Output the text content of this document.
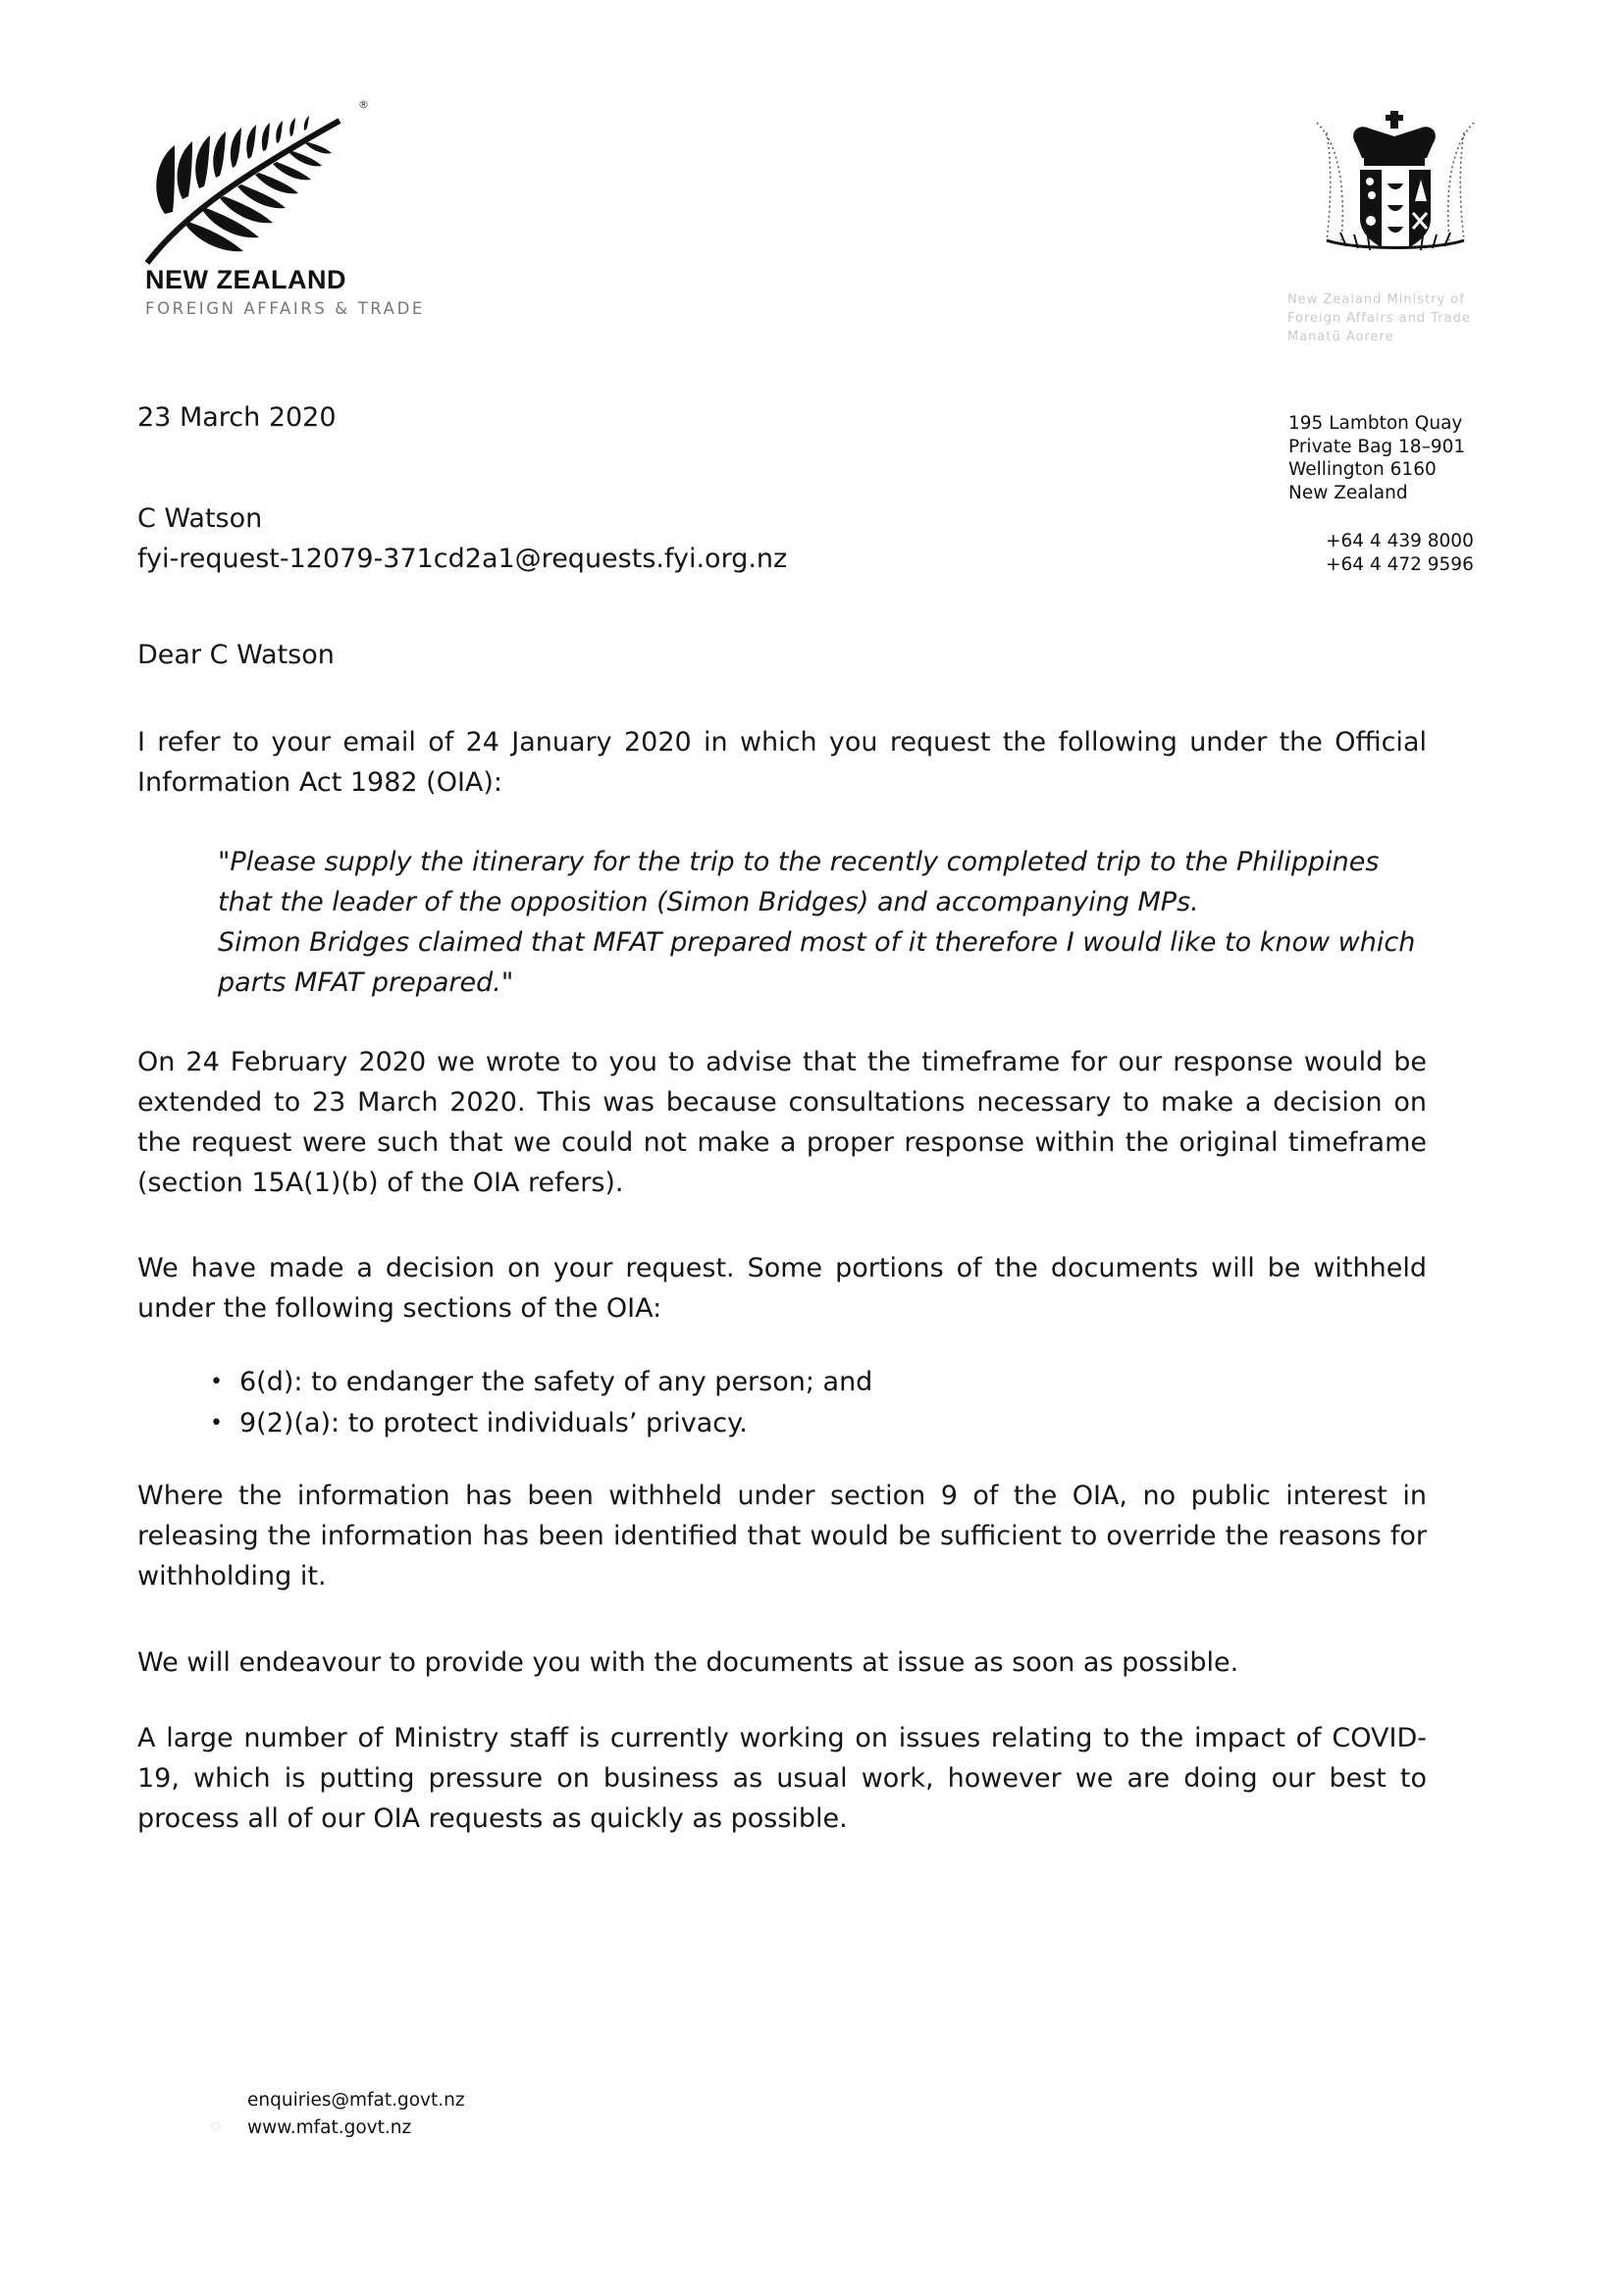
®
NEW ZEALAND
FOREIGN AFFAIRS & TRADE	New Zealand Ministry of
Foreign Affairs and Trade
Manatū Aorere
195 Lambton Quay
Private Bag 18–901
Wellington 6160
New Zealand
+64 4 439 8000
+64 4 472 9596
23 March 2020
C Watson
fyi-request-12079-371cd2a1@requests.fyi.org.nz
Dear C Watson
I refer to your email of 24 January 2020 in which you request the following under the Official Information Act 1982 (OIA):
"Please supply the itinerary for the trip to the recently completed trip to the Philippines that the leader of the opposition (Simon Bridges) and accompanying MPs.
Simon Bridges claimed that MFAT prepared most of it therefore I would like to know which parts MFAT prepared."
On 24 February 2020 we wrote to you to advise that the timeframe for our response would be extended to 23 March 2020. This was because consultations necessary to make a decision on the request were such that we could not make a proper response within the original timeframe (section 15A(1)(b) of the OIA refers).
We have made a decision on your request. Some portions of the documents will be withheld under the following sections of the OIA:
• 6(d): to endanger the safety of any person; and
• 9(2)(a): to protect individuals’ privacy.
Where the information has been withheld under section 9 of the OIA, no public interest in releasing the information has been identified that would be sufficient to override the reasons for withholding it.
We will endeavour to provide you with the documents at issue as soon as possible.
A large number of Ministry staff is currently working on issues relating to the impact of COVID-19, which is putting pressure on business as usual work, however we are doing our best to process all of our OIA requests as quickly as possible.
enquiries@mfat.govt.nz
◌ www.mfat.govt.nz
